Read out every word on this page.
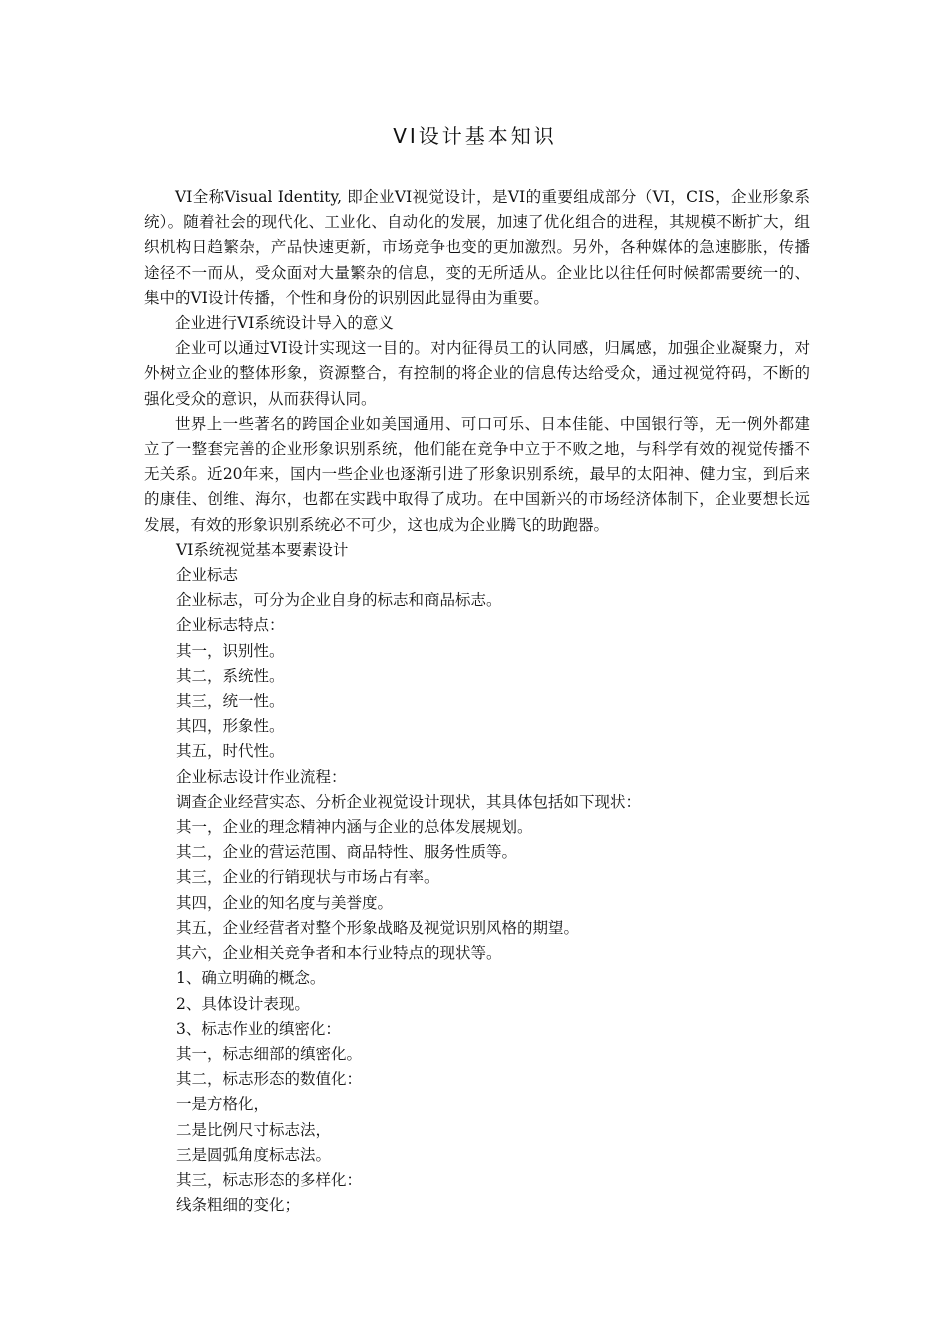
VI设计基本知识

VI全称Visual Identity, 即企业VI视觉设计，是VI的重要组成部分（VI，CIS，企业形象系统）。随着社会的现代化、工业化、自动化的发展，加速了优化组合的进程，其规模不断扩大，组织机构日趋繁杂，产品快速更新，市场竞争也变的更加激烈。另外，各种媒体的急速膨胀，传播途径不一而从，受众面对大量繁杂的信息，变的无所适从。企业比以往任何时候都需要统一的、集中的VI设计传播，个性和身份的识别因此显得由为重要。

企业进行VI系统设计导入的意义

企业可以通过VI设计实现这一目的。对内征得员工的认同感，归属感，加强企业凝聚力，对外树立企业的整体形象，资源整合，有控制的将企业的信息传达给受众，通过视觉符码，不断的强化受众的意识，从而获得认同。

世界上一些著名的跨国企业如美国通用、可口可乐、日本佳能、中国银行等，无一例外都建立了一整套完善的企业形象识别系统，他们能在竞争中立于不败之地，与科学有效的视觉传播不无关系。近20年来，国内一些企业也逐渐引进了形象识别系统，最早的太阳神、健力宝，到后来的康佳、创维、海尔，也都在实践中取得了成功。在中国新兴的市场经济体制下，企业要想长远发展，有效的形象识别系统必不可少，这也成为企业腾飞的助跑器。

VI系统视觉基本要素设计

企业标志

企业标志，可分为企业自身的标志和商品标志。

企业标志特点：

其一，识别性。

其二，系统性。

其三，统一性。

其四，形象性。

其五，时代性。

企业标志设计作业流程：

调查企业经营实态、分析企业视觉设计现状，其具体包括如下现状：

其一，企业的理念精神内涵与企业的总体发展规划。

其二，企业的营运范围、商品特性、服务性质等。

其三，企业的行销现状与市场占有率。

其四，企业的知名度与美誉度。

其五，企业经营者对整个形象战略及视觉识别风格的期望。

其六，企业相关竞争者和本行业特点的现状等。

1、确立明确的概念。

2、具体设计表现。

3、标志作业的缜密化：

其一，标志细部的缜密化。

其二，标志形态的数值化：

一是方格化，

二是比例尺寸标志法，

三是圆弧角度标志法。

其三，标志形态的多样化：

线条粗细的变化；
